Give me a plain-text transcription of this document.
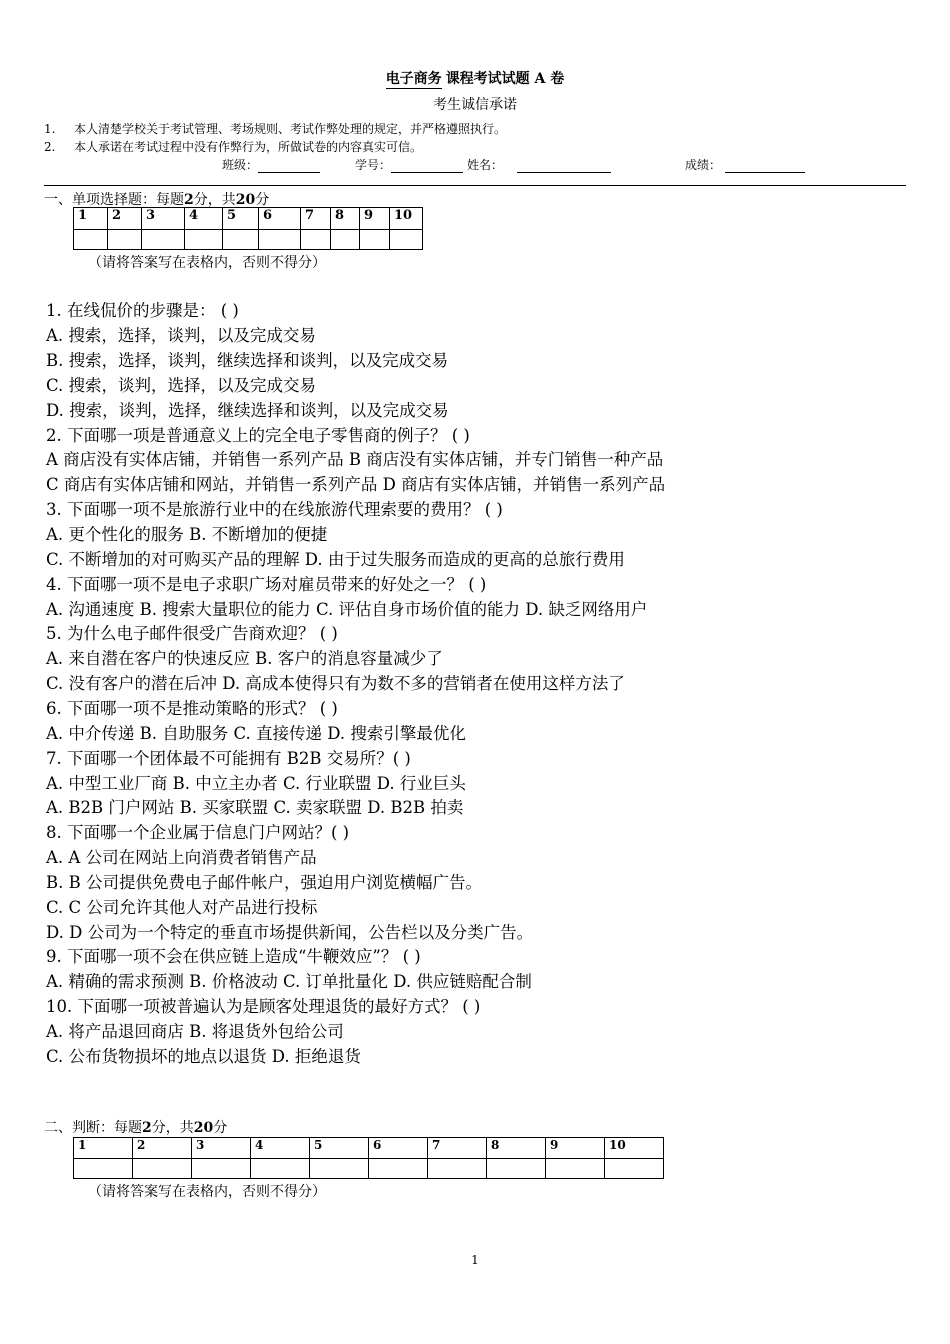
电子商务 课程考试试题 A 卷
考生诚信承诺
1. 本人清楚学校关于考试管理、考场规则、考试作弊处理的规定，并严格遵照执行。
2. 本人承诺在考试过程中没有作弊行为，所做试卷的内容真实可信。
班级：	学号：	姓名：	成绩：
一、单项选择题：每题2分，共20分
1	2	3	4	5	6	7	8	9	10

（请将答案写在表格内，否则不得分）
1. 在线侃价的步骤是： ( )
A. 搜索，选择，谈判，以及完成交易
B. 搜索，选择，谈判，继续选择和谈判，以及完成交易
C. 搜索，谈判，选择，以及完成交易
D. 搜索，谈判，选择，继续选择和谈判，以及完成交易
2. 下面哪一项是普通意义上的完全电子零售商的例子？ ( )
A 商店没有实体店铺，并销售一系列产品 B 商店没有实体店铺，并专门销售一种产品
C 商店有实体店铺和网站，并销售一系列产品 D 商店有实体店铺，并销售一系列产品
3. 下面哪一项不是旅游行业中的在线旅游代理索要的费用？ ( )
A. 更个性化的服务 B. 不断增加的便捷
C. 不断增加的对可购买产品的理解 D. 由于过失服务而造成的更高的总旅行费用
4. 下面哪一项不是电子求职广场对雇员带来的好处之一？ ( )
A. 沟通速度 B. 搜索大量职位的能力 C. 评估自身市场价值的能力 D. 缺乏网络用户
5. 为什么电子邮件很受广告商欢迎？ ( )
A. 来自潜在客户的快速反应 B. 客户的消息容量减少了
C. 没有客户的潜在后冲 D. 高成本使得只有为数不多的营销者在使用这样方法了
6. 下面哪一项不是推动策略的形式？ ( )
A. 中介传递 B. 自助服务 C. 直接传递 D. 搜索引擎最优化
7. 下面哪一个团体最不可能拥有 B2B 交易所？( )
A. 中型工业厂商 B. 中立主办者 C. 行业联盟 D. 行业巨头
A. B2B 门户网站 B. 买家联盟 C. 卖家联盟 D. B2B 拍卖
8. 下面哪一个企业属于信息门户网站？( )
A. A 公司在网站上向消费者销售产品
B. B 公司提供免费电子邮件帐户，强迫用户浏览横幅广告。
C. C 公司允许其他人对产品进行投标
D. D 公司为一个特定的垂直市场提供新闻，公告栏以及分类广告。
9. 下面哪一项不会在供应链上造成“牛鞭效应”？ ( )
A. 精确的需求预测 B. 价格波动 C. 订单批量化 D. 供应链赔配合制
10. 下面哪一项被普遍认为是顾客处理退货的最好方式？ ( )
A. 将产品退回商店 B. 将退货外包给公司
C. 公布货物损坏的地点以退货 D. 拒绝退货
二、判断：每题2分，共20分
1	2	3	4	5	6	7	8	9	10

（请将答案写在表格内，否则不得分）
1
